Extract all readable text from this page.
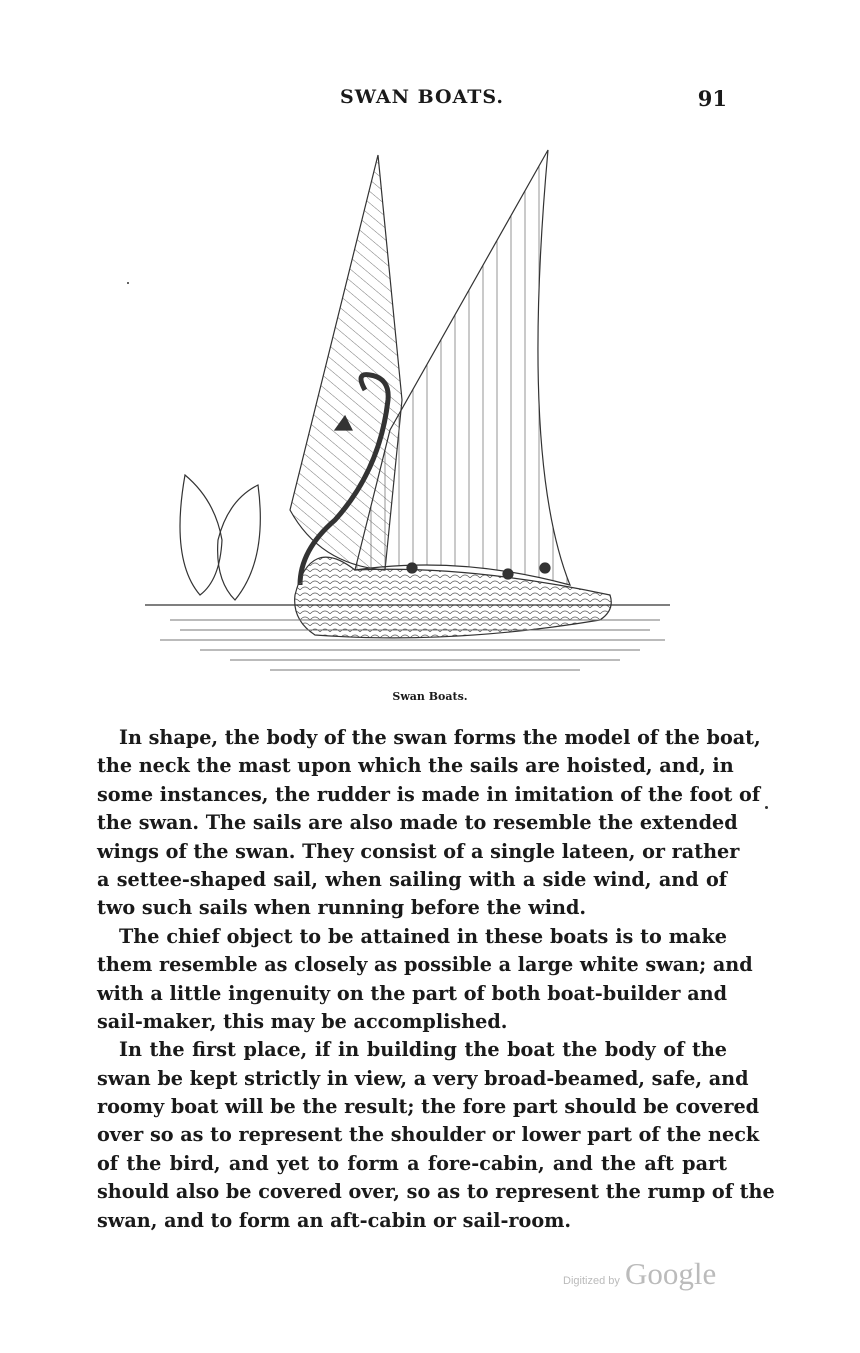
SWAN BOATS.	91
Swan Boats.
In shape, the body of the swan forms the model of the boat,
the neck the mast upon which the sails are hoisted, and, in
some instances, the rudder is made in imitation of the foot of
the swan. The sails are also made to resemble the extended
wings of the swan. They consist of a single lateen, or rather
a settee-shaped sail, when sailing with a side wind, and of
two such sails when running before the wind.
The chief object to be attained in these boats is to make
them resemble as closely as possible a large white swan; and
with a little ingenuity on the part of both boat-builder and
sail-maker, this may be accomplished.
In the first place, if in building the boat the body of the
swan be kept strictly in view, a very broad-beamed, safe, and
roomy boat will be the result; the fore part should be covered
over so as to represent the shoulder or lower part of the neck
of the bird, and yet to form a fore-cabin, and the aft part
should also be covered over, so as to represent the rump of the
swan, and to form an aft-cabin or sail-room.
Digitized by Google
